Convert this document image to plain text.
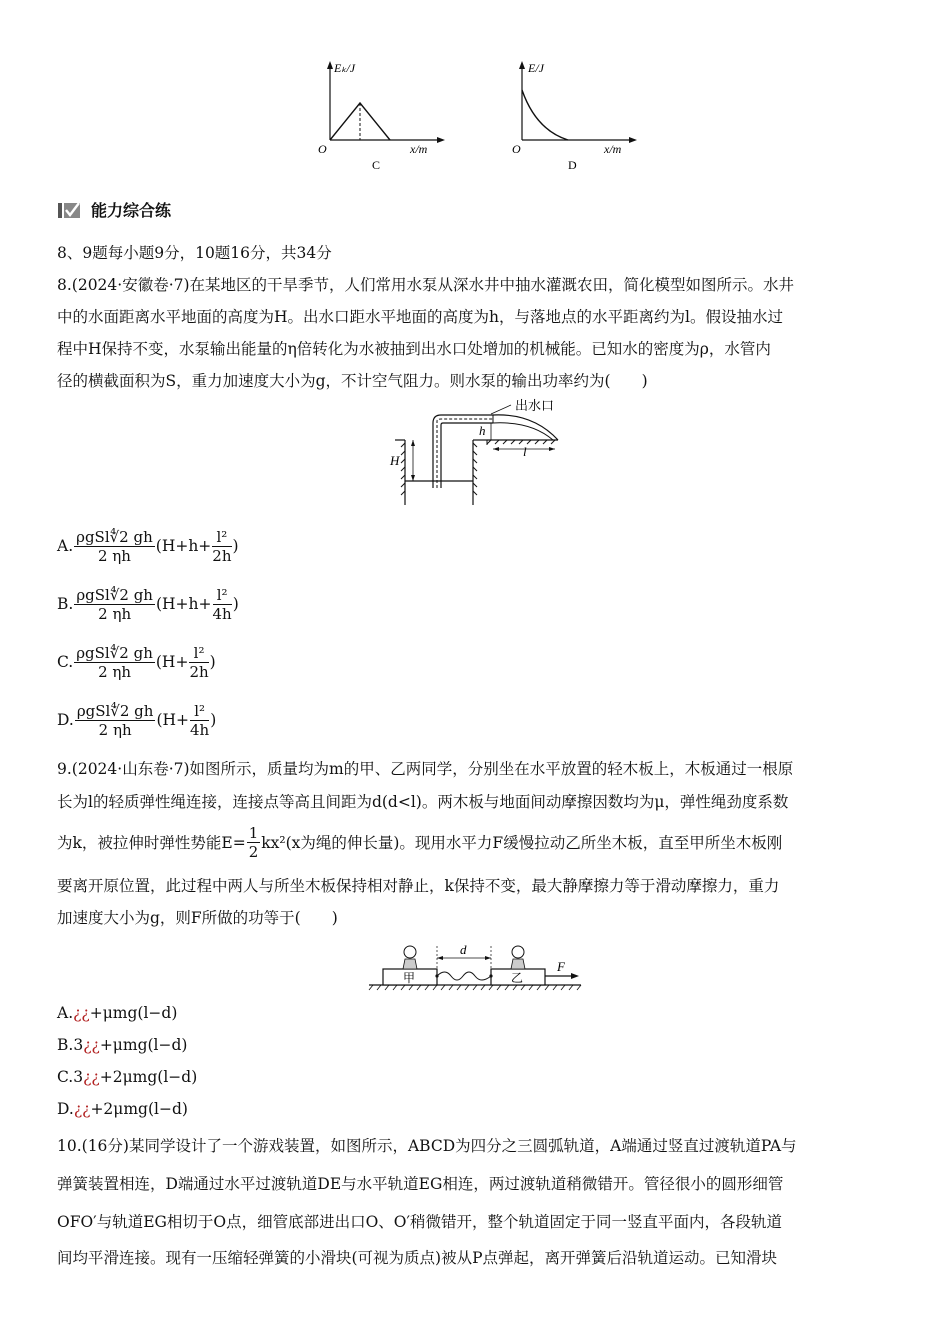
Eₖ/J
O	x/m
C
E/J
O	x/m
D
能力综合练
8、9题每小题9分，10题16分，共34分
8.(2024·安徽卷·7)在某地区的干旱季节，人们常用水泵从深水井中抽水灌溉农田，简化模型如图所示。水井
中的水面距离水平地面的高度为H。出水口距水平地面的高度为h，与落地点的水平距离约为l。假设抽水过
程中H保持不变，水泵输出能量的η倍转化为水被抽到出水口处增加的机械能。已知水的密度为ρ，水管内
径的横截面积为S，重力加速度大小为g，不计空气阻力。则水泵的输出功率约为(　　)
出水口
h
l
H
A. $\frac{\text{ρgSl∜2 gh}}{2 \eta h} (H+h+ \frac{\text{l²}}{2h}$ )
B. $\frac{\text{ρgSl∜2 gh}}{2 \eta h} (H+h+ \frac{\text{l²}}{4h}$ )
C. $\frac{\text{ρgSl∜2 gh}}{2 \eta h} (H+ \frac{\text{l²}}{2h}$ )
D. $\frac{\text{ρgSl∜2 gh}}{2 \eta h} (H+ \frac{\text{l²}}{4h}$ )
9.(2024·山东卷·7)如图所示，质量均为m的甲、乙两同学，分别坐在水平放置的轻木板上，木板通过一根原
长为l的轻质弹性绳连接，连接点等高且间距为d(d<l)。两木板与地面间动摩擦因数均为μ，弹性绳劲度系数
为k，被拉伸时弹性势能$E= \frac{1}{2} kx^2(x$为绳的伸长量)。现用水平力F缓慢拉动乙所坐木板，直至甲所坐木板刚
要离开原位置，此过程中两人与所坐木板保持相对静止，k保持不变，最大静摩擦力等于滑动摩擦力，重力
加速度大小为g，则F所做的功等于(　　)
甲	乙
d
F
A.¿¿+μmg(l−d)
B.3¿¿+μmg(l−d)
C.3¿¿+2μmg(l−d)
D.¿¿+2μmg(l−d)
10.(16分)某同学设计了一个游戏装置，如图所示，ABCD为四分之三圆弧轨道，A端通过竖直过渡轨道PA与
弹簧装置相连，D端通过水平过渡轨道DE与水平轨道EG相连，两过渡轨道稍微错开。管径很小的圆形细管
OFO′与轨道EG相切于O点，细管底部进出口O、O′稍微错开，整个轨道固定于同一竖直平面内，各段轨道
间均平滑连接。现有一压缩轻弹簧的小滑块(可视为质点)被从P点弹起，离开弹簧后沿轨道运动。已知滑块
